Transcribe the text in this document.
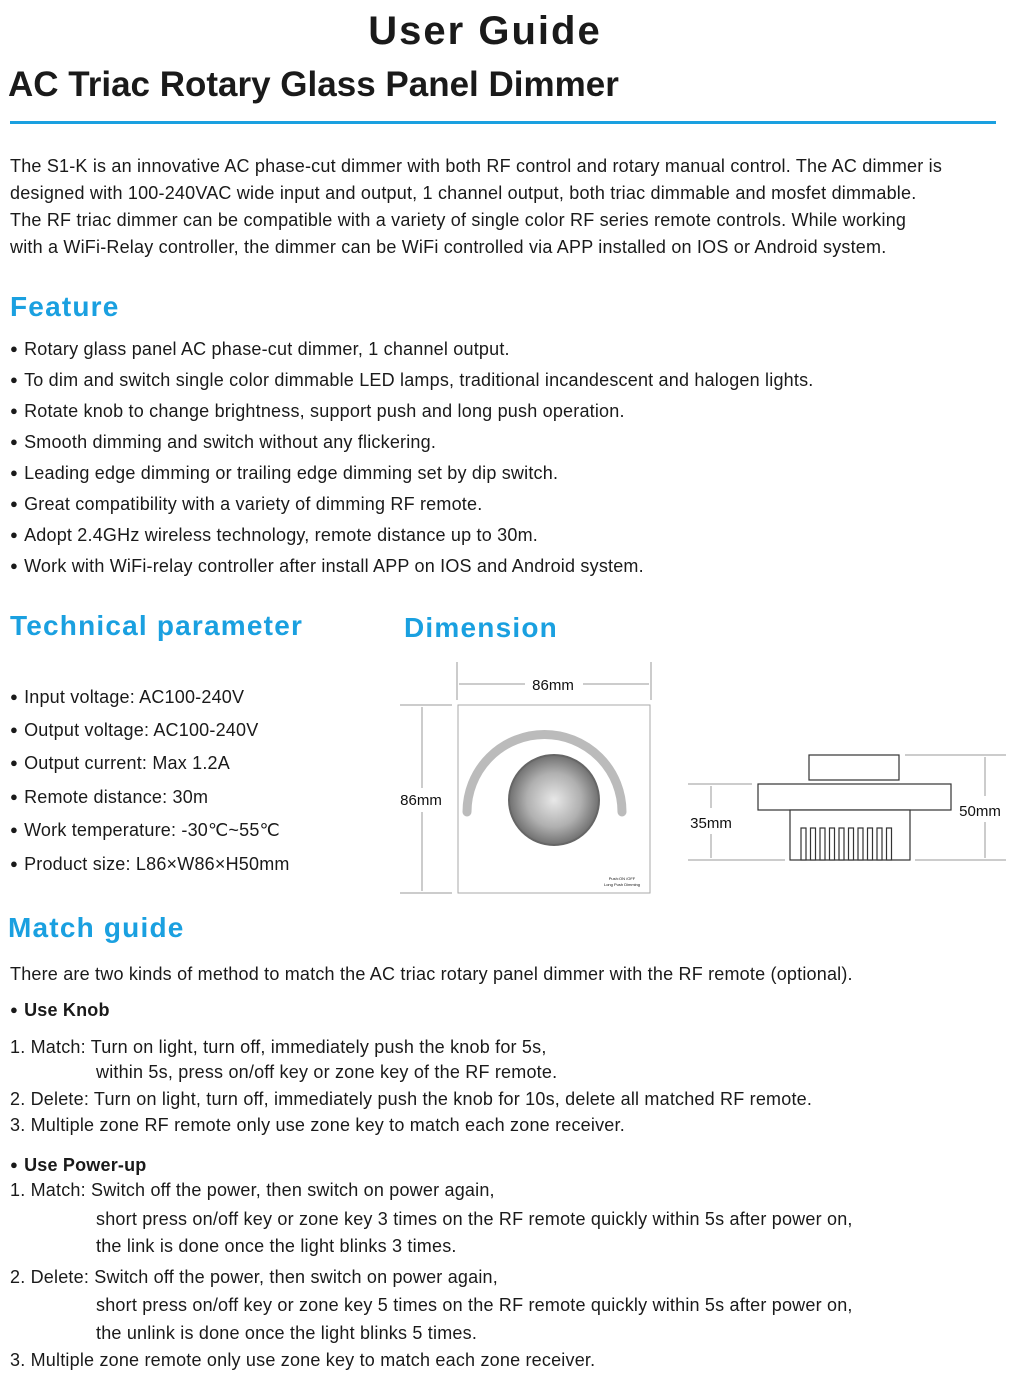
User Guide
AC Triac Rotary Glass Panel Dimmer
The S1-K is an innovative AC phase-cut dimmer with both RF control and rotary manual control. The AC dimmer is
designed with 100-240VAC wide input and output, 1 channel output, both triac dimmable and mosfet dimmable.
The RF triac dimmer can be compatible with a variety of single color RF series remote controls. While working
with a WiFi-Relay controller, the dimmer can be WiFi controlled via APP installed on IOS or Android system.
Feature
● Rotary glass panel AC phase-cut dimmer, 1 channel output.
● To dim and switch single color dimmable LED lamps, traditional incandescent and halogen lights.
● Rotate knob to change brightness, support push and long push operation.
● Smooth dimming and switch without any flickering.
● Leading edge dimming or trailing edge dimming set by dip switch.
● Great compatibility with a variety of dimming RF remote.
● Adopt 2.4GHz wireless technology, remote distance up to 30m.
● Work with WiFi-relay controller after install APP on IOS and Android system.
Technical parameter	Dimension
● Input voltage: AC100-240V
● Output voltage: AC100-240V
● Output current: Max 1.2A
● Remote distance: 30m
● Work temperature: -30℃~55℃
● Product size: L86×W86×H50mm
86mm
86mm
Push:ON /OFF
Long Push Dimming
35mm
50mm
Match guide
There are two kinds of method to match the AC triac rotary panel dimmer with the RF remote (optional).
● Use Knob
1. Match: Turn on light, turn off, immediately push the knob for 5s,
within 5s, press on/off key or zone key of the RF remote.
2. Delete: Turn on light, turn off, immediately push the knob for 10s, delete all matched RF remote.
3. Multiple zone RF remote only use zone key to match each zone receiver.
● Use Power-up
1. Match: Switch off the power, then switch on power again,
short press on/off key or zone key 3 times on the RF remote quickly within 5s after power on,
the link is done once the light blinks 3 times.
2. Delete: Switch off the power, then switch on power again,
short press on/off key or zone key 5 times on the RF remote quickly within 5s after power on,
the unlink is done once the light blinks 5 times.
3. Multiple zone remote only use zone key to match each zone receiver.
